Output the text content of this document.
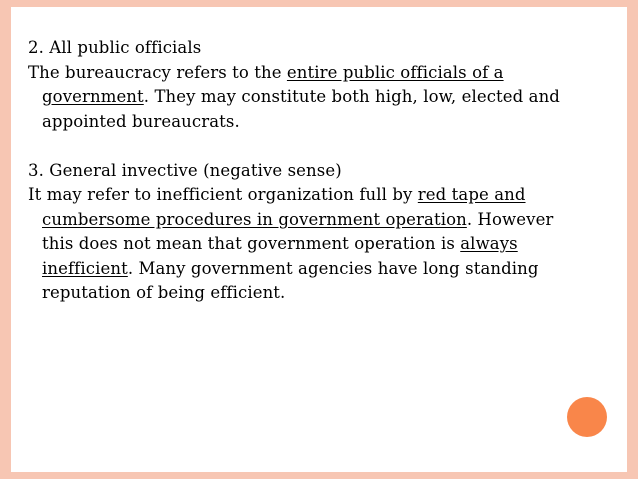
2. All public officials

The bureaucracy refers to the entire public officials of a government. They may constitute both high, low, elected and appointed bureaucrats.

3. General invective (negative sense)

It may refer to inefficient organization full by red tape and cumbersome procedures in government operation. However this does not mean that government operation is always inefficient. Many government agencies have long standing reputation of being efficient.
